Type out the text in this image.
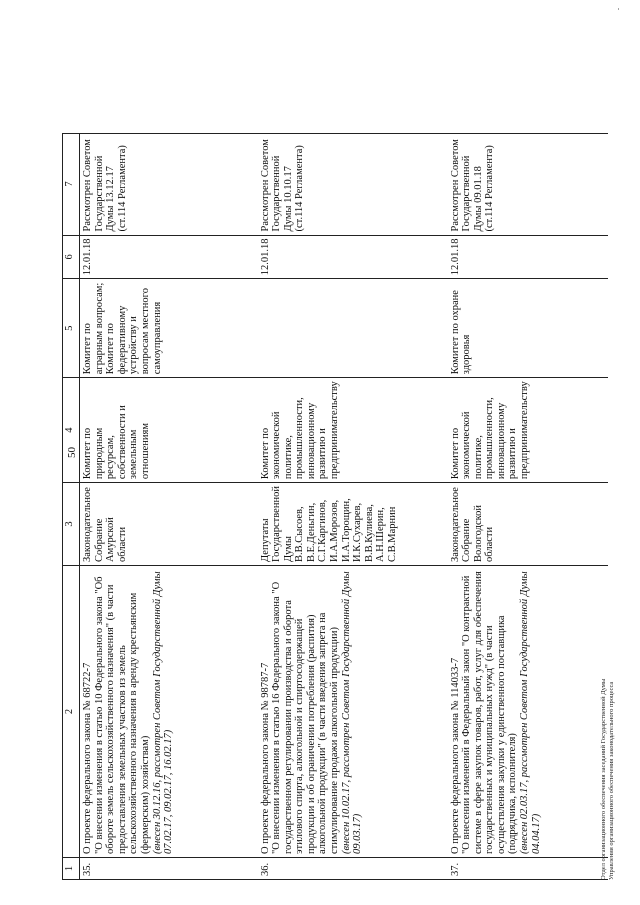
50
1	2	3	4	5	6	7
35.	О проекте федерального закона № 68722-7 "О внесении изменения в статью 10 Федерального закона "Об обороте земель сельскохозяйственного назначения" (в части предоставления земельных участков из земель сельскохозяйственного назначения в аренду крестьянским (фермерским) хозяйствам) (внесен 30.12.16, рассмотрен Советом Государственной Думы 07.02.17, 09.02.17, 16.02.17)	Законодательное Собрание Амурской области	Комитет по природным ресурсам, собственности и земельным отношениям	Комитет по аграрным вопросам; Комитет по федеративному устройству и вопросам местного самоуправления	12.01.18	Рассмотрен Советом Государственной Думы 13.12.17 (ст.114 Регламента)
36.	О проекте федерального закона № 98787-7 "О внесении изменения в статью 16 Федерального закона "О государственном регулировании производства и оборота этилового спирта, алкогольной и спиртосодержащей продукции и об ограничении потребления (распития) алкогольной продукции" (в части введения запрета на стимулирование продажи алкогольной продукции) (внесен 10.02.17, рассмотрен Советом Государственной Думы 09.03.17)	Депутаты Государственной Думы В.В.Сысоев, В.Е.Деньгин, С.Г.Каргинов, И.А.Морозов, И.А.Торощин, И.К.Сухарев, В.В.Кулиева, А.Н.Шерин, С.В.Марнин	Комитет по экономической политике, промышленности, инновационному развитию и предпринимательству		12.01.18	Рассмотрен Советом Государственной Думы 10.10.17 (ст.114 Регламента)
37.	О проекте федерального закона № 114033-7 "О внесении изменений в Федеральный закон "О контрактной системе в сфере закупок товаров, работ, услуг для обеспечения государственных и муниципальных нужд" (в части осуществления закупки у единственного поставщика (подрядчика, исполнителя) (внесен 02.03.17, рассмотрен Советом Государственной Думы 04.04.17)	Законодательное Собрание Вологодской области	Комитет по экономической политике, промышленности, инновационному развитию и предпринимательству	Комитет по охране здоровья	12.01.18	Рассмотрен Советом Государственной Думы 09.01.18 (ст.114 Регламента)
Отдел организационного обеспечения заседаний Государственной Думы Управления организационного обеспечения законодательного процесса
.
